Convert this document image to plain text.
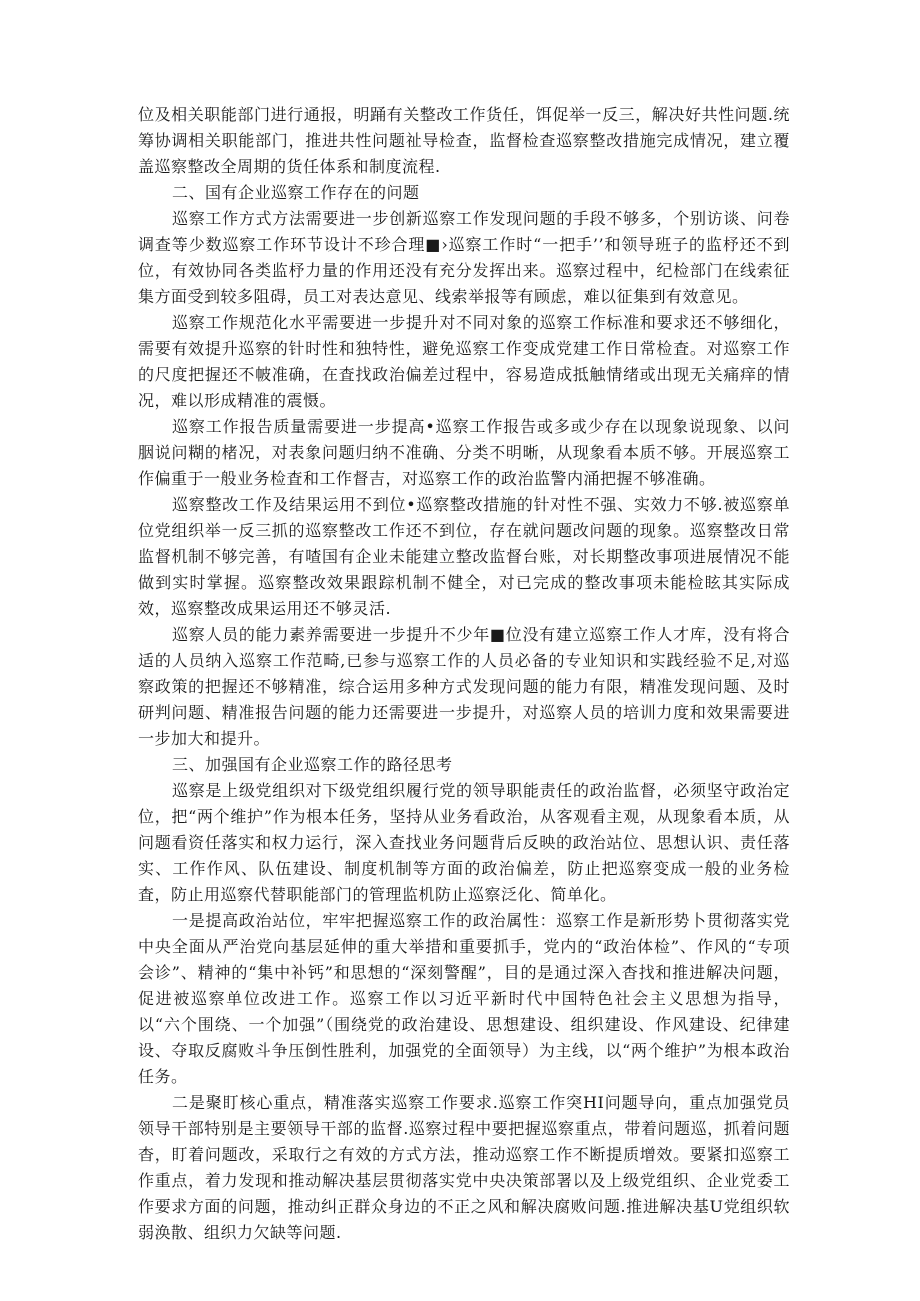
位及相关职能部门进行通报，明踊有关整改工作货任，饵促举一反三，解决好共性问题.统筹协调相关职能部门，推进共性问题祉导检查，监督检查巡察整改措施完成情况，建立覆盖巡察整改全周期的货任体系和制度流程.

二、国有企业巡察工作存在的问题

巡察工作方式方法需要进一步创新巡察工作发现问题的手段不够多，个别访谈、问卷调查等少数巡察工作环节设计不珍合理■›巡察工作时“一把手’’和领导班子的监杼还不到位，有效协同各类监杼力量的作用还没有充分发挥出来。巡察过程中，纪检部门在线索征集方面受到较多阻碍，员工对表达意见、线索举报等有顾虑，难以征集到有效意见。

巡察工作规范化水平需要进一步提升对不同对象的巡察工作标准和要求还不够细化，需要有效提升巡察的针时性和独特性，避免巡察工作变成党建工作日常检査。对巡察工作的尺度把握还不帔准确，在査找政治偏差过程中，容易造成抵触情绪或出现无关痛痒的情况，难以形成精准的震慑。

巡察工作报告质量需要进一步提高•巡察工作报告或多或少存在以现象说现象、以问胭说问糊的楮况，对表象问题归纳不准确、分类不明晰，从现象看本质不够。开展巡察工作偏重于一般业务检査和工作督吉，对巡察工作的政治监警内涌把握不够准确。

巡察整改工作及结果运用不到位•巡察整改措施的针对性不强、实效力不够.被巡察单位党组织举一反三抓的巡察整改工作还不到位，存在就问题改问题的现象。巡察整改日常监督机制不够完善，有喳国有企业未能建立整改监督台账，对长期整改事项进展情况不能做到实时掌握。巡察整改效果跟踪机制不健全，对已完成的整改事项未能检眩其实际成效，巡察整改成果运用还不够灵活.

巡察人员的能力素养需要进一步提升不少年■位没有建立巡察工作人才库，没有将合适的人员纳入巡察工作范畸,已参与巡察工作的人员必备的专业知识和实践经验不足,对巡察政策的把握还不够精准，综合运用多种方式发现问题的能力有限，精准发现问题、及时研判问题、精准报告问题的能力还需要进一步提升，对巡察人员的培训力度和效果需要进一步加大和提升。

三、加强国有企业巡察工作的路径思考

巡察是上级党组织对下级党组织履行党的领导职能责任的政治监督，必须坚守政治定位，把“两个维护”作为根本任务，坚持从业务看政治，从客观看主观，从现象看本质，从问题看资任落实和权力运行，深入查找业务问题背后反映的政治站位、思想认识、责任落实、工作作风、队伍建设、制度机制等方面的政治偏差，防止把巡察变成一般的业务检査，防止用巡察代替职能部门的管理监机防止巡察泛化、简单化。

一是提高政治站位，牢牢把握巡察工作的政治属性：巡察工作是新形势卜贯彻落实党中央全面从严治党向基层延伸的重大举措和重要抓手，党内的“政治体检”、作风的“专项会诊”、精神的“集中补钙”和思想的“深刻警醒”，目的是通过深入杳找和推进解决问题，促进被巡察单位改进工作。巡察工作以习近平新时代中国特色社会主义思想为指导，以“六个围绕、一个加强”（围绕党的政治建设、思想建设、组织建设、作风建设、纪律建设、夺取反腐败斗争压倒性胜利，加强党的全面领导）为主线，以“两个维护”为根本政治任务。

二是聚盯核心重点，精准落实巡察工作要求.巡察工作突HI问题导向，重点加强党员领导干部特别是主要领导干部的监督.巡察过程中要把握巡察重点，带着问题巡，抓着问题杳，盯着问题改，采取行之有效的方式方法，推动巡察工作不断提质增效。要紧扣巡察工作重点，着力发现和推动解决基层贯彻落实党中央决策部署以及上级党组织、企业党委工作要求方面的问题，推动纠正群众身边的不正之风和解决腐败问题.推进解决基U党组织软弱涣散、组织力欠缺等问题.
